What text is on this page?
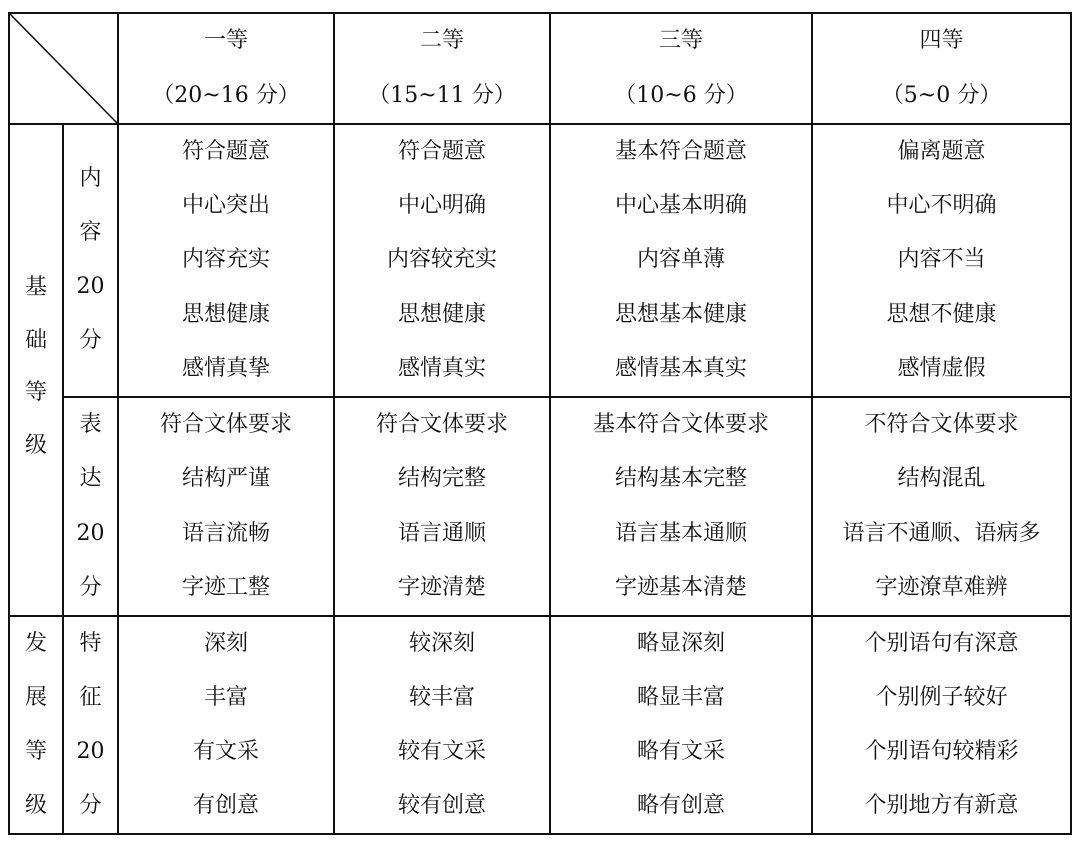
一等
（20~16 分）
二等
（15~11 分）
三等
（10~6 分）
四等
（5~0 分）
基
础
等
级
发
展
等
级
内
容
20
分
表
达
20
分
特
征
20
分
符合题意
中心突出
内容充实
思想健康
感情真挚
符合题意
中心明确
内容较充实
思想健康
感情真实
基本符合题意
中心基本明确
内容单薄
思想基本健康
感情基本真实
偏离题意
中心不明确
内容不当
思想不健康
感情虚假
符合文体要求
结构严谨
语言流畅
字迹工整
符合文体要求
结构完整
语言通顺
字迹清楚
基本符合文体要求
结构基本完整
语言基本通顺
字迹基本清楚
不符合文体要求
结构混乱
语言不通顺、语病多
字迹潦草难辨
深刻
丰富
有文采
有创意
较深刻
较丰富
较有文采
较有创意
略显深刻
略显丰富
略有文采
略有创意
个别语句有深意
个别例子较好
个别语句较精彩
个别地方有新意
